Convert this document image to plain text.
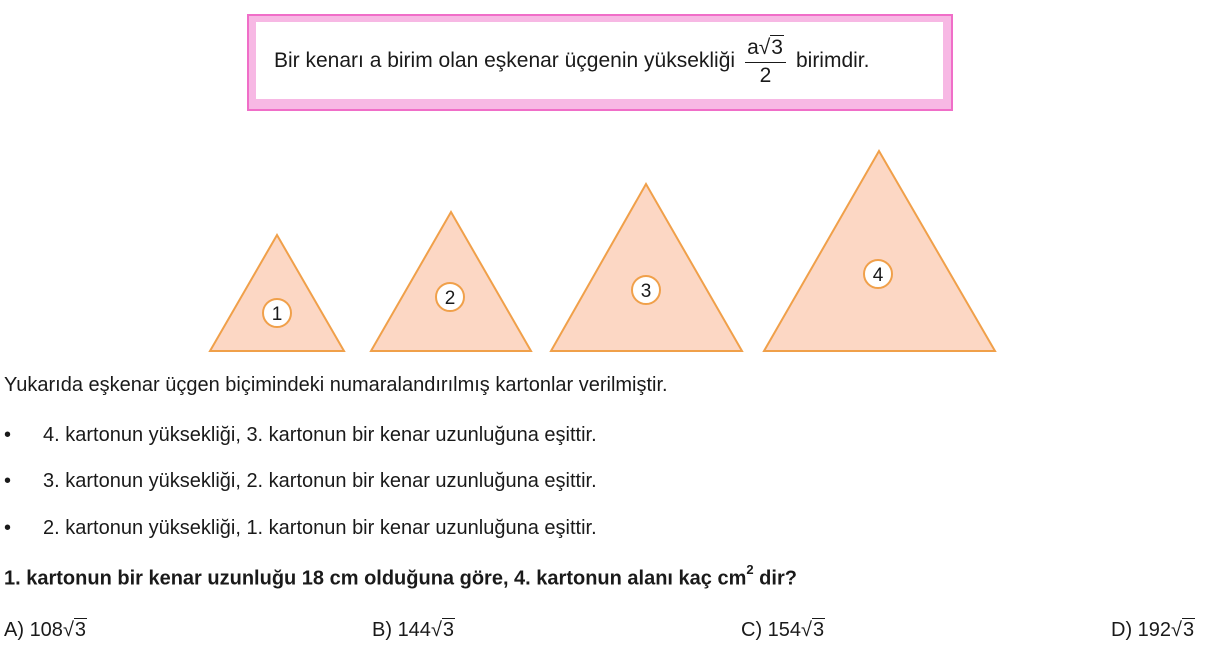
Bir kenarı a birim olan eşkenar üçgenin yüksekliği $\frac{a√3}{2}$ birimdir.
1
2	3
4
Yukarıda eşkenar üçgen biçimindeki numaralandırılmış kartonlar verilmiştir.
• 4. kartonun yüksekliği, 3. kartonun bir kenar uzunluğuna eşittir.
• 3. kartonun yüksekliği, 2. kartonun bir kenar uzunluğuna eşittir.
• 2. kartonun yüksekliği, 1. kartonun bir kenar uzunluğuna eşittir.
1. kartonun bir kenar uzunluğu 18 cm olduğuna göre, 4. kartonun alanı kaç $cm^2$ dir?
A) 108√3	B) 144√3	C) 154√3	D) 192√3
